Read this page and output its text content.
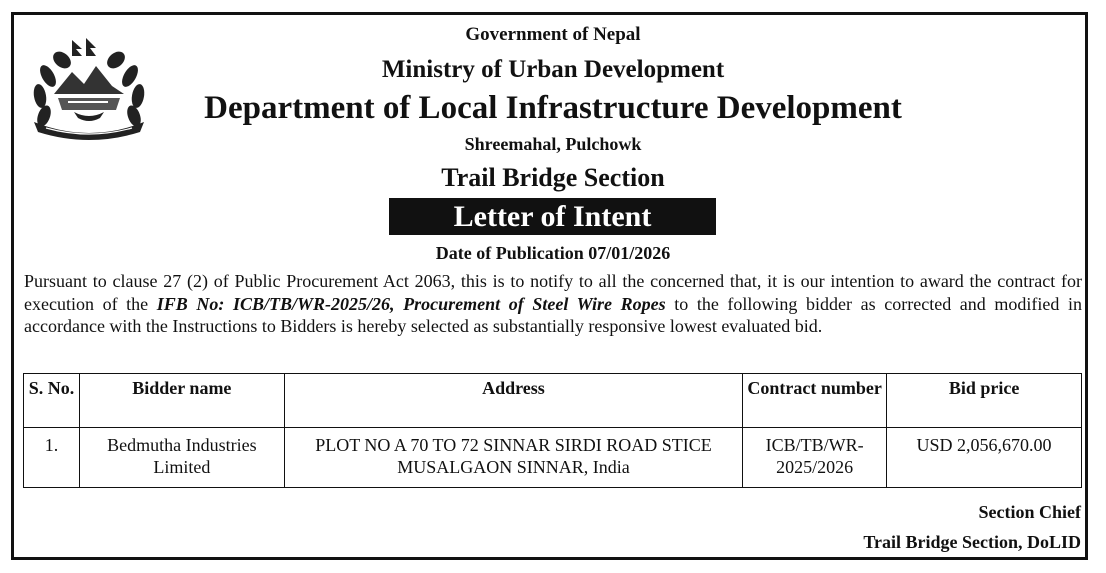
Government of Nepal
Ministry of Urban Development
Department of Local Infrastructure Development
Shreemahal, Pulchowk
Trail Bridge Section
Letter of Intent
Date of Publication 07/01/2026
Pursuant to clause 27 (2) of Public Procurement Act 2063, this is to notify to all the concerned that, it is our intention to award the contract for execution of the IFB No: ICB/TB/WR-2025/26, Procurement of Steel Wire Ropes to the following bidder as corrected and modified in accordance with the Instructions to Bidders is hereby selected as substantially responsive lowest evaluated bid.
S. No.	Bidder name	Address	Contract number	Bid price
1.	Bedmutha Industries Limited	PLOT NO A 70 TO 72 SINNAR SIRDI ROAD STICE MUSALGAON SINNAR, India	ICB/TB/WR-2025/2026	USD 2,056,670.00
Section Chief
Trail Bridge Section, DoLID
